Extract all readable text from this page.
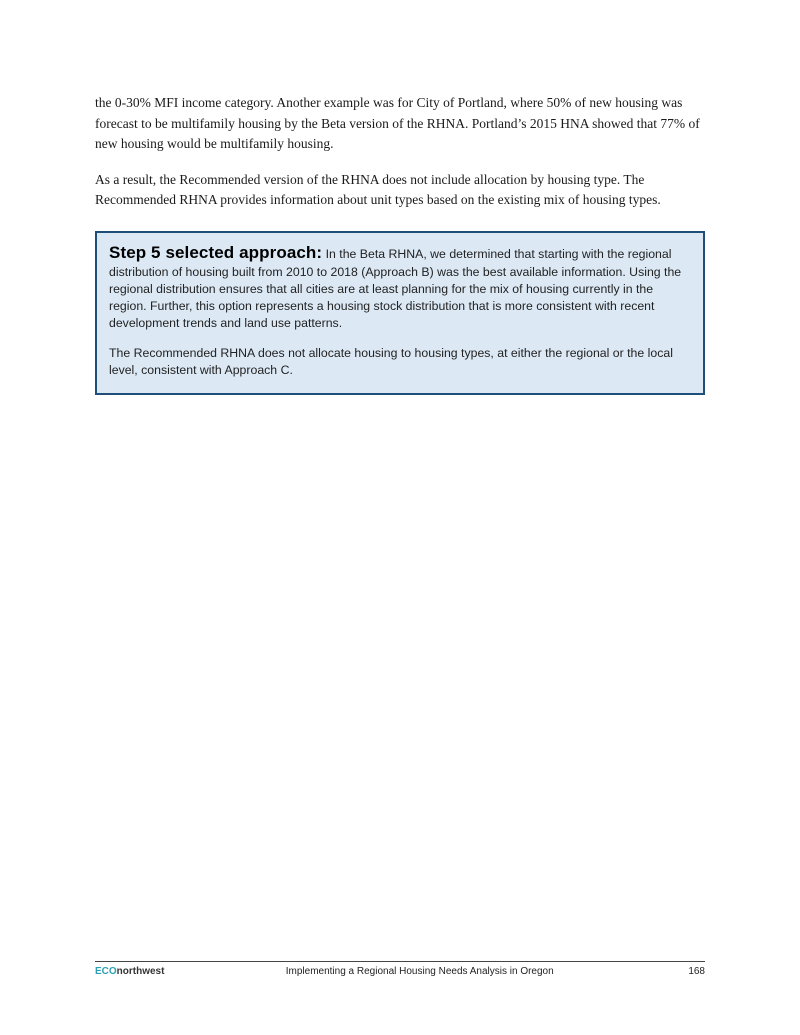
the 0-30% MFI income category. Another example was for City of Portland, where 50% of new housing was forecast to be multifamily housing by the Beta version of the RHNA. Portland’s 2015 HNA showed that 77% of new housing would be multifamily housing.

As a result, the Recommended version of the RHNA does not include allocation by housing type. The Recommended RHNA provides information about unit types based on the existing mix of housing types.

Step 5 selected approach: In the Beta RHNA, we determined that starting with the regional distribution of housing built from 2010 to 2018 (Approach B) was the best available information. Using the regional distribution ensures that all cities are at least planning for the mix of housing currently in the region. Further, this option represents a housing stock distribution that is more consistent with recent development trends and land use patterns.

The Recommended RHNA does not allocate housing to housing types, at either the regional or the local level, consistent with Approach C.

ECOnorthwest	Implementing a Regional Housing Needs Analysis in Oregon	168
